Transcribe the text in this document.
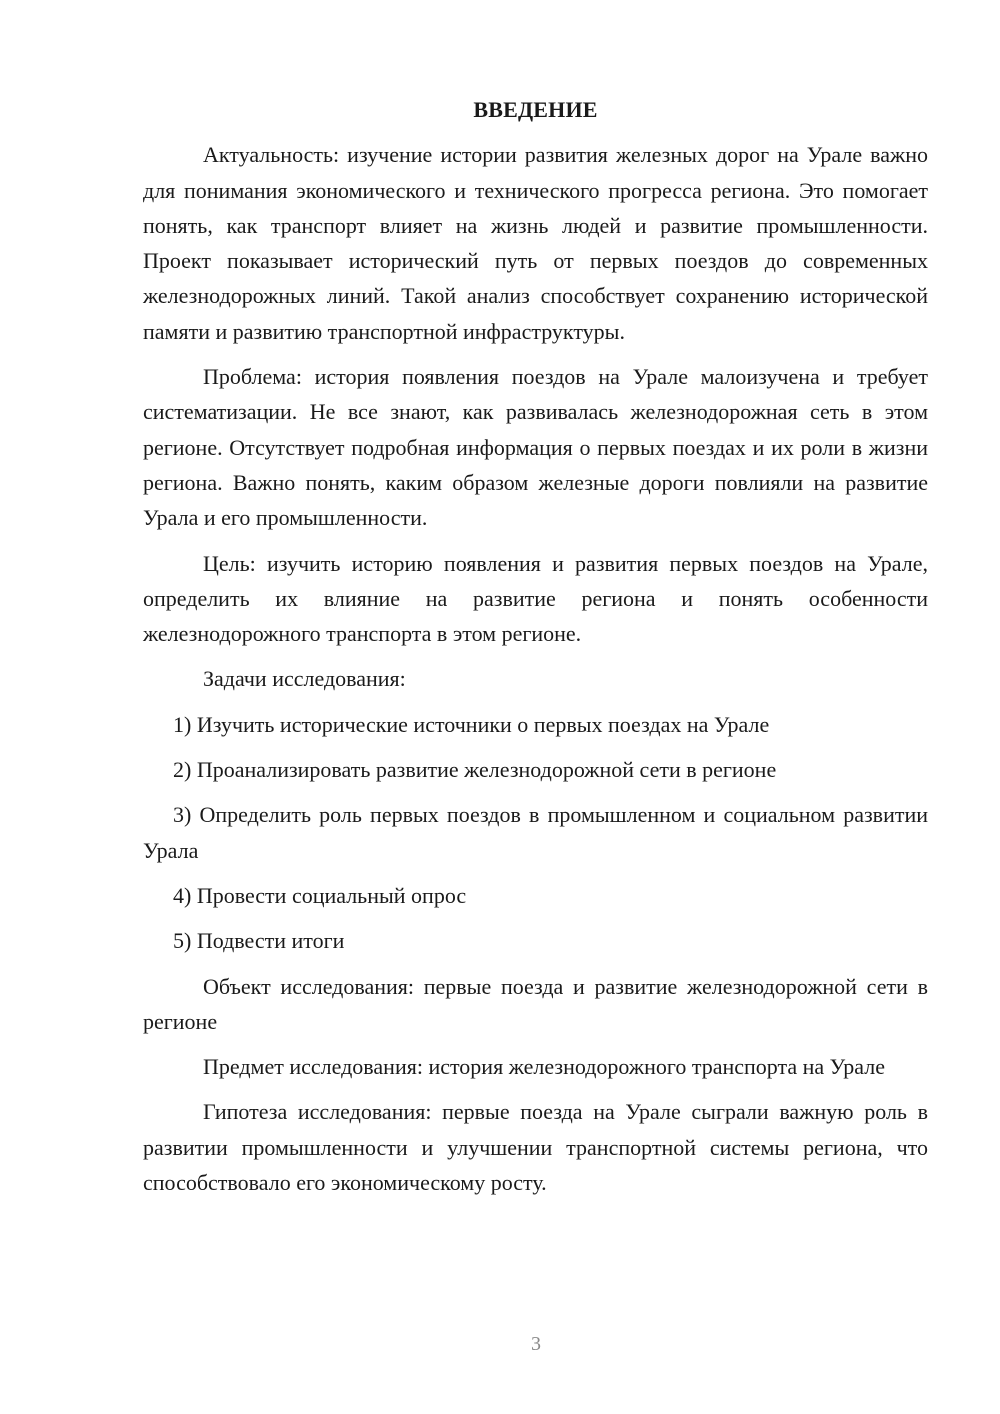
ВВЕДЕНИЕ

Актуальность: изучение истории развития железных дорог на Урале важно для понимания экономического и технического прогресса региона. Это помогает понять, как транспорт влияет на жизнь людей и развитие промышленности. Проект показывает исторический путь от первых поездов до современных железнодорожных линий. Такой анализ способствует сохранению исторической памяти и развитию транспортной инфраструктуры.

Проблема: история появления поездов на Урале малоизучена и требует систематизации. Не все знают, как развивалась железнодорожная сеть в этом регионе. Отсутствует подробная информация о первых поездах и их роли в жизни региона. Важно понять, каким образом железные дороги повлияли на развитие Урала и его промышленности.

Цель: изучить историю появления и развития первых поездов на Урале, определить их влияние на развитие региона и понять особенности железнодорожного транспорта в этом регионе.

Задачи исследования:

1) Изучить исторические источники о первых поездах на Урале

2) Проанализировать развитие железнодорожной сети в регионе

3) Определить роль первых поездов в промышленном и социальном развитии Урала

4) Провести социальный опрос

5) Подвести итоги

Объект исследования: первые поезда и развитие железнодорожной сети в регионе

Предмет исследования: история железнодорожного транспорта на Урале

Гипотеза исследования: первые поезда на Урале сыграли важную роль в развитии промышленности и улучшении транспортной системы региона, что способствовало его экономическому росту.

3
